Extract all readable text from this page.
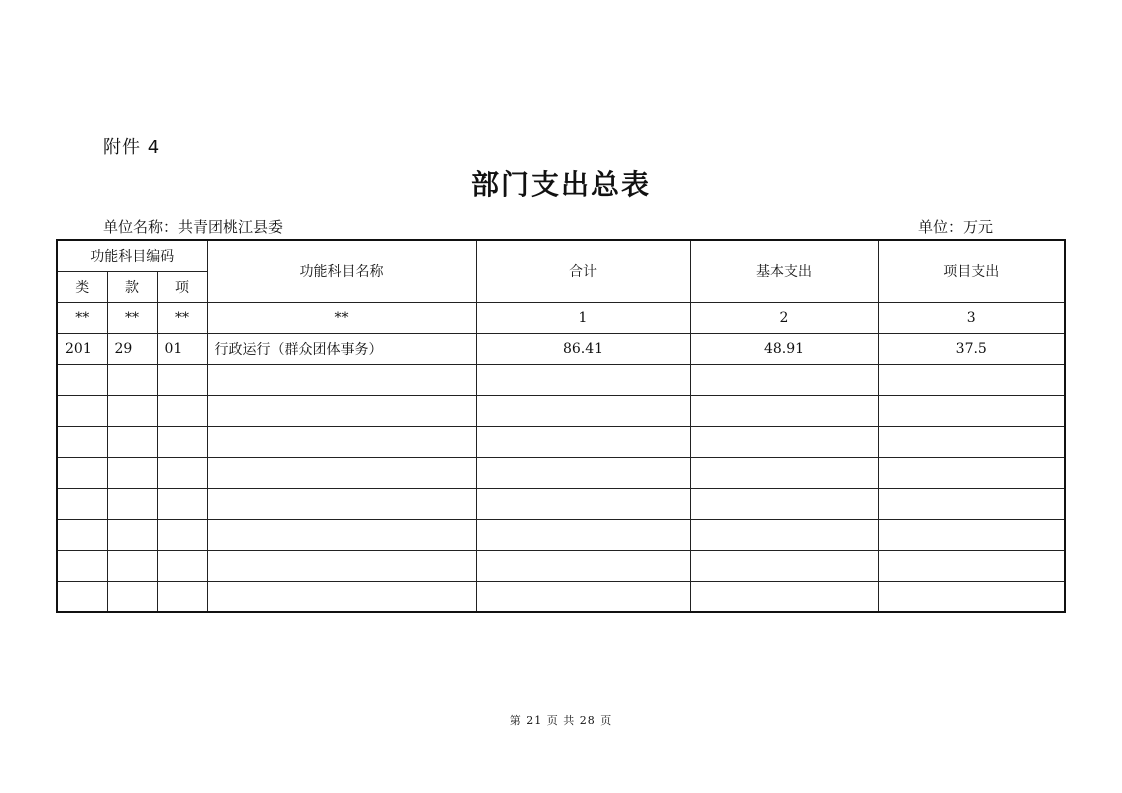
附件 4
部门支出总表
单位名称：共青团桃江县委	单位：万元
功能科目编码			功能科目名称	合计	基本支出	项目支出
类	款	项				
**	**	**	**	1	2	3
201	29	01	行政运行（群众团体事务）	86.41	48.91	37.5

第 21 页 共 28 页
